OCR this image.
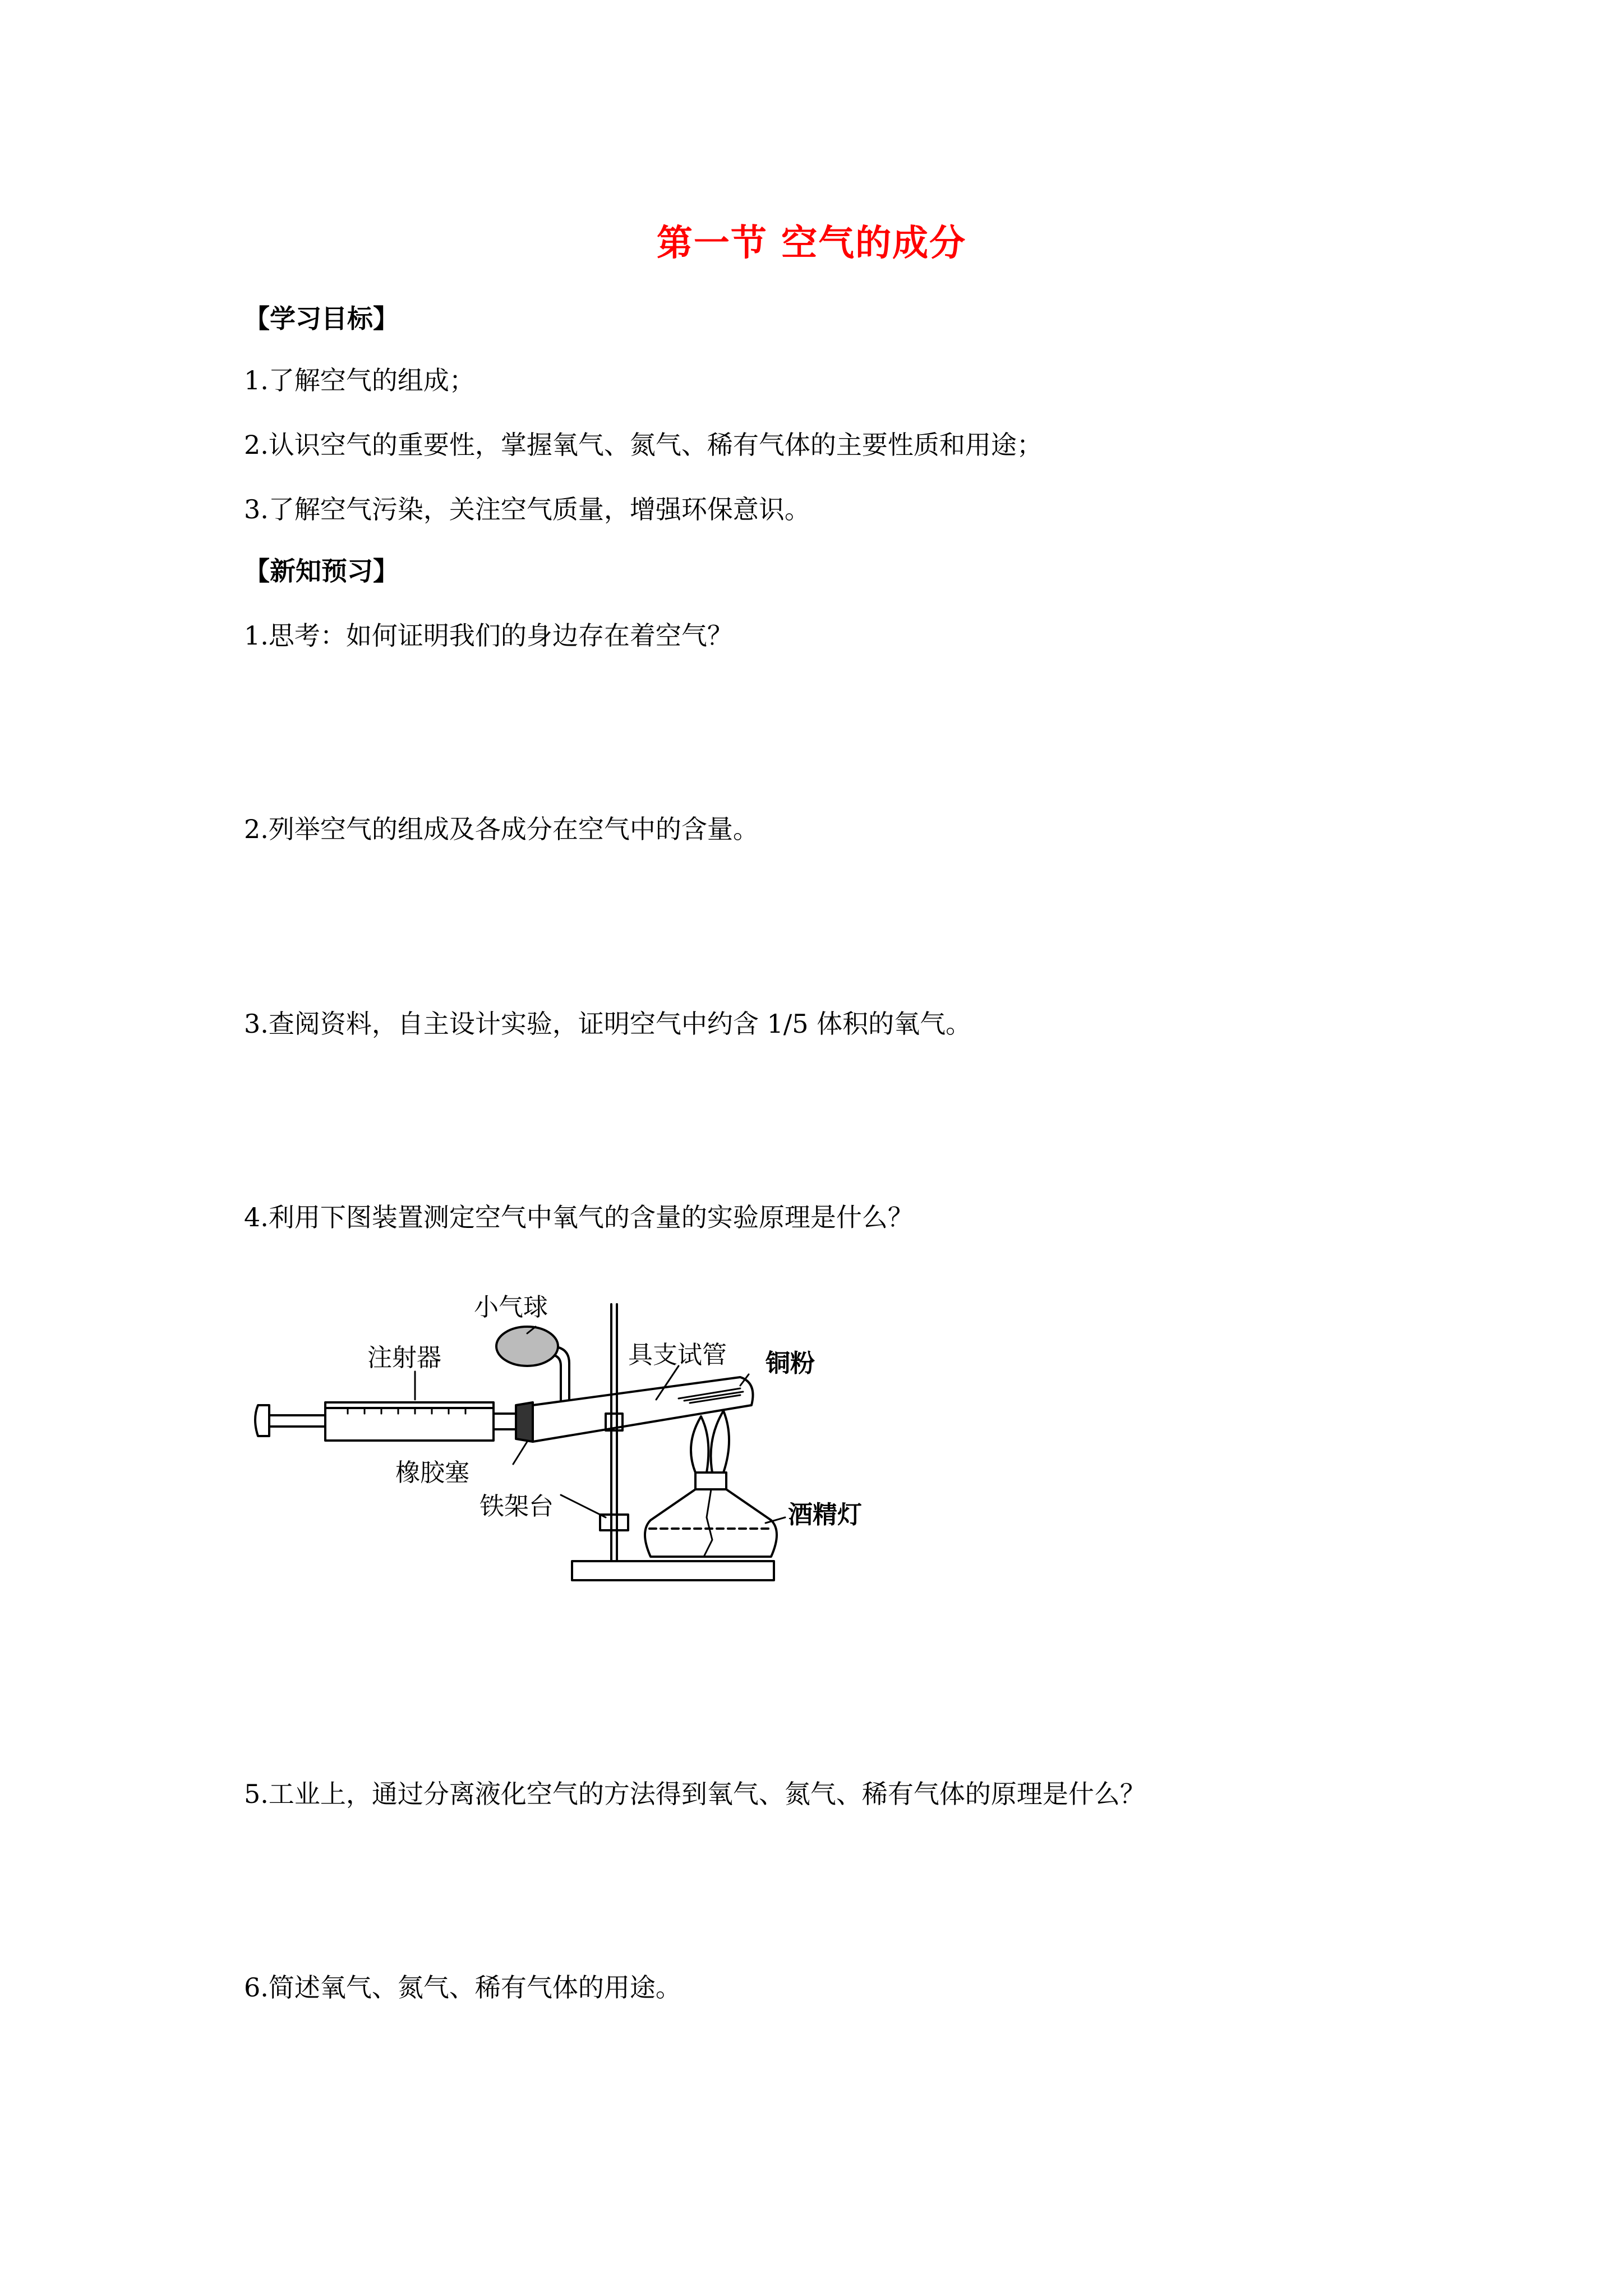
第一节 空气的成分
【学习目标】
1.了解空气的组成；
2.认识空气的重要性，掌握氧气、氮气、稀有气体的主要性质和用途；
3.了解空气污染，关注空气质量，增强环保意识。
【新知预习】
1.思考：如何证明我们的身边存在着空气？
2.列举空气的组成及各成分在空气中的含量。
3.查阅资料，自主设计实验，证明空气中约含 1/5 体积的氧气。
4.利用下图装置测定空气中氧气的含量的实验原理是什么？
小气球
注射器	具支试管 铜粉
橡胶塞
铁架台	酒精灯
5.工业上，通过分离液化空气的方法得到氧气、氮气、稀有气体的原理是什么？
6.简述氧气、氮气、稀有气体的用途。
